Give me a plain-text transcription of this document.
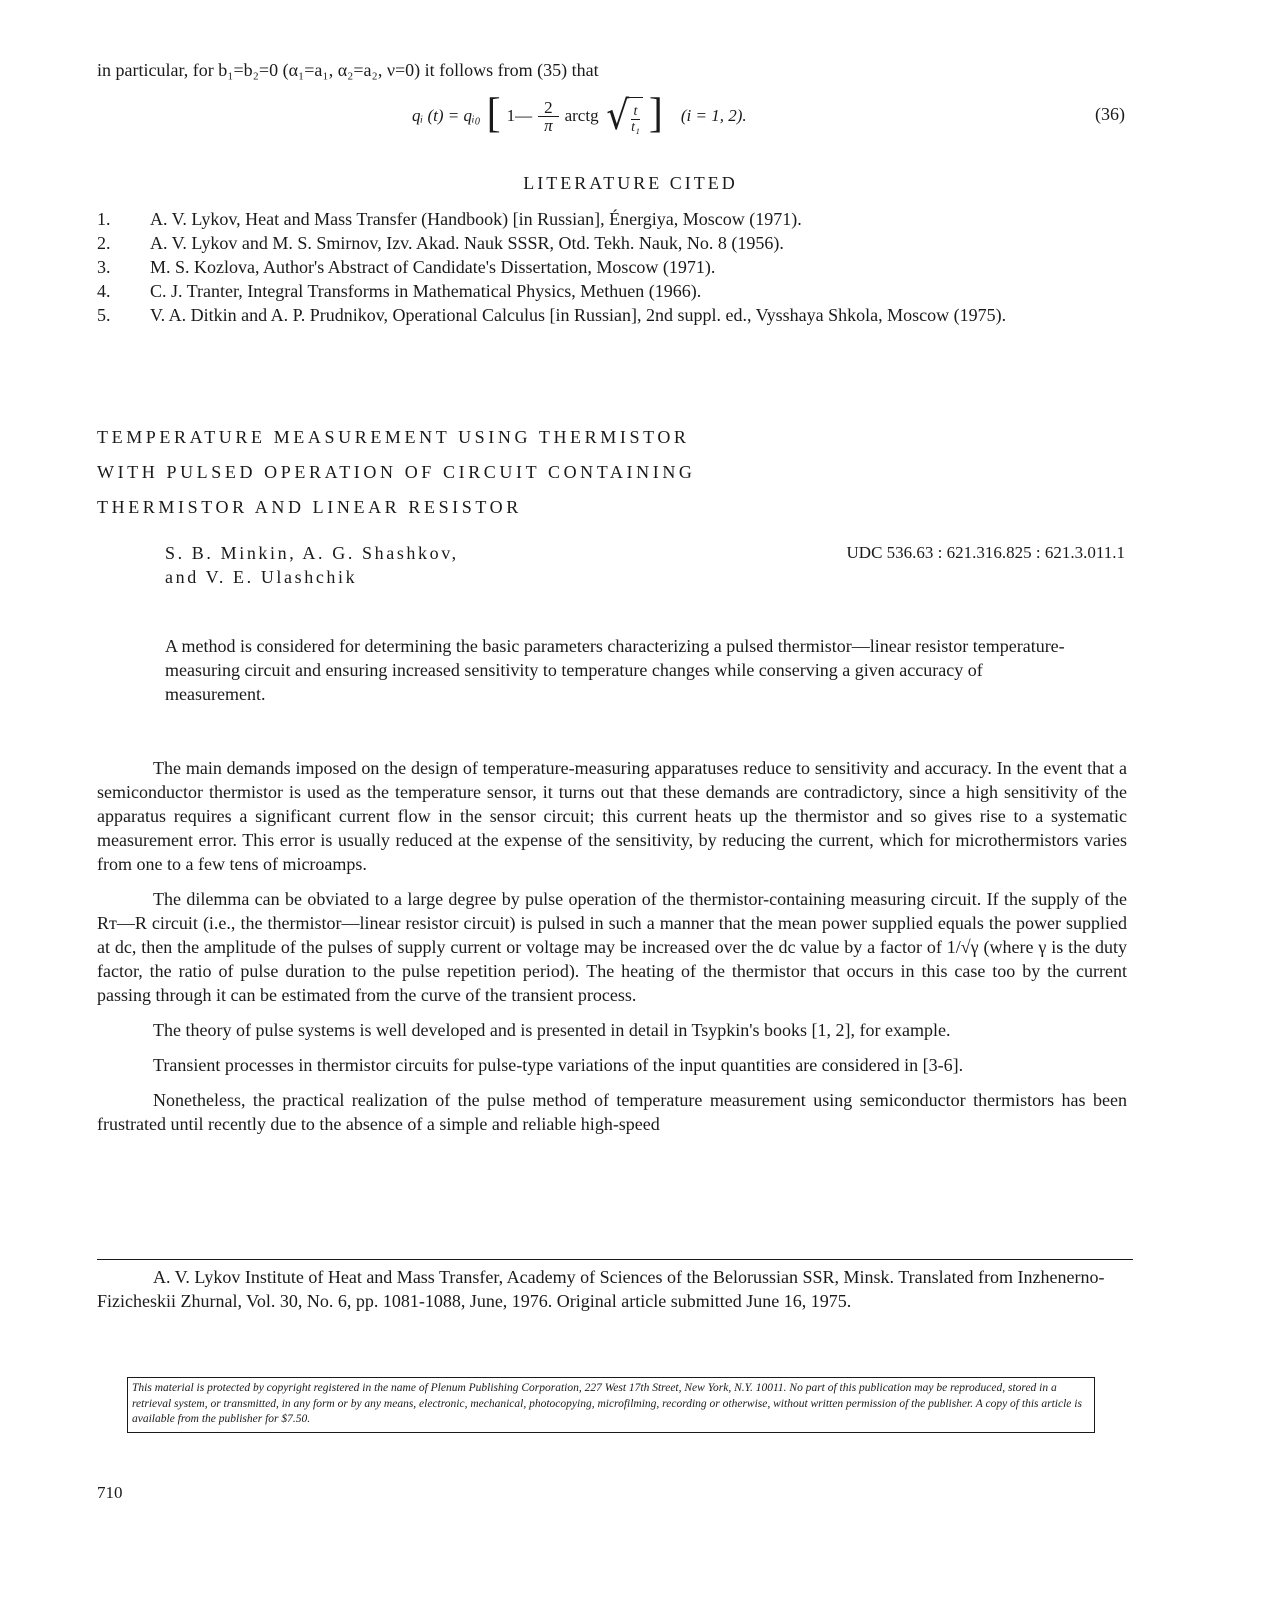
in particular, for b₁=b₂=0 (α₁=a₁, α₂=a₂, ν=0) it follows from (35) that
qᵢ (t) = qᵢ₀ [ 1— $\frac{2}{\pi}$ arctg √ $\frac{t}{\text{t₁}}$ ] (i = 1, 2).	(36)
LITERATURE CITED
1.	A. V. Lykov, Heat and Mass Transfer (Handbook) [in Russian], Énergiya, Moscow (1971).
2.	A. V. Lykov and M. S. Smirnov, Izv. Akad. Nauk SSSR, Otd. Tekh. Nauk, No. 8 (1956).
3.	M. S. Kozlova, Author's Abstract of Candidate's Dissertation, Moscow (1971).
4.	C. J. Tranter, Integral Transforms in Mathematical Physics, Methuen (1966).
5.	V. A. Ditkin and A. P. Prudnikov, Operational Calculus [in Russian], 2nd suppl. ed., Vysshaya Shkola, Moscow (1975).
TEMPERATURE MEASUREMENT USING THERMISTOR
WITH PULSED OPERATION OF CIRCUIT CONTAINING
THERMISTOR AND LINEAR RESISTOR
S. B. Minkin, A. G. Shashkov,
and V. E. Ulashchik
UDC 536.63 : 621.316.825 : 621.3.011.1

A method is considered for determining the basic parameters characterizing a pulsed thermistor—linear resistor temperature-measuring circuit and ensuring increased sensitivity to temperature changes while conserving a given accuracy of measurement.

The main demands imposed on the design of temperature-measuring apparatuses reduce to sensitivity and accuracy. In the event that a semiconductor thermistor is used as the temperature sensor, it turns out that these demands are contradictory, since a high sensitivity of the apparatus requires a significant current flow in the sensor circuit; this current heats up the thermistor and so gives rise to a systematic measurement error. This error is usually reduced at the expense of the sensitivity, by reducing the current, which for microthermistors varies from one to a few tens of microamps.

The dilemma can be obviated to a large degree by pulse operation of the thermistor-containing measuring circuit. If the supply of the Rᴛ—R circuit (i.e., the thermistor—linear resistor circuit) is pulsed in such a manner that the mean power supplied equals the power supplied at dc, then the amplitude of the pulses of supply current or voltage may be increased over the dc value by a factor of 1/√γ (where γ is the duty factor, the ratio of pulse duration to the pulse repetition period). The heating of the thermistor that occurs in this case too by the current passing through it can be estimated from the curve of the transient process.

The theory of pulse systems is well developed and is presented in detail in Tsypkin's books [1, 2], for example.

Transient processes in thermistor circuits for pulse-type variations of the input quantities are considered in [3-6].

Nonetheless, the practical realization of the pulse method of temperature measurement using semiconductor thermistors has been frustrated until recently due to the absence of a simple and reliable high-speed

A. V. Lykov Institute of Heat and Mass Transfer, Academy of Sciences of the Belorussian SSR, Minsk. Translated from Inzhenerno-Fizicheskii Zhurnal, Vol. 30, No. 6, pp. 1081-1088, June, 1976. Original article submitted June 16, 1975.

This material is protected by copyright registered in the name of Plenum Publishing Corporation, 227 West 17th Street, New York, N.Y. 10011. No part of this publication may be reproduced, stored in a retrieval system, or transmitted, in any form or by any means, electronic, mechanical, photocopying, microfilming, recording or otherwise, without written permission of the publisher. A copy of this article is available from the publisher for $7.50.
710
